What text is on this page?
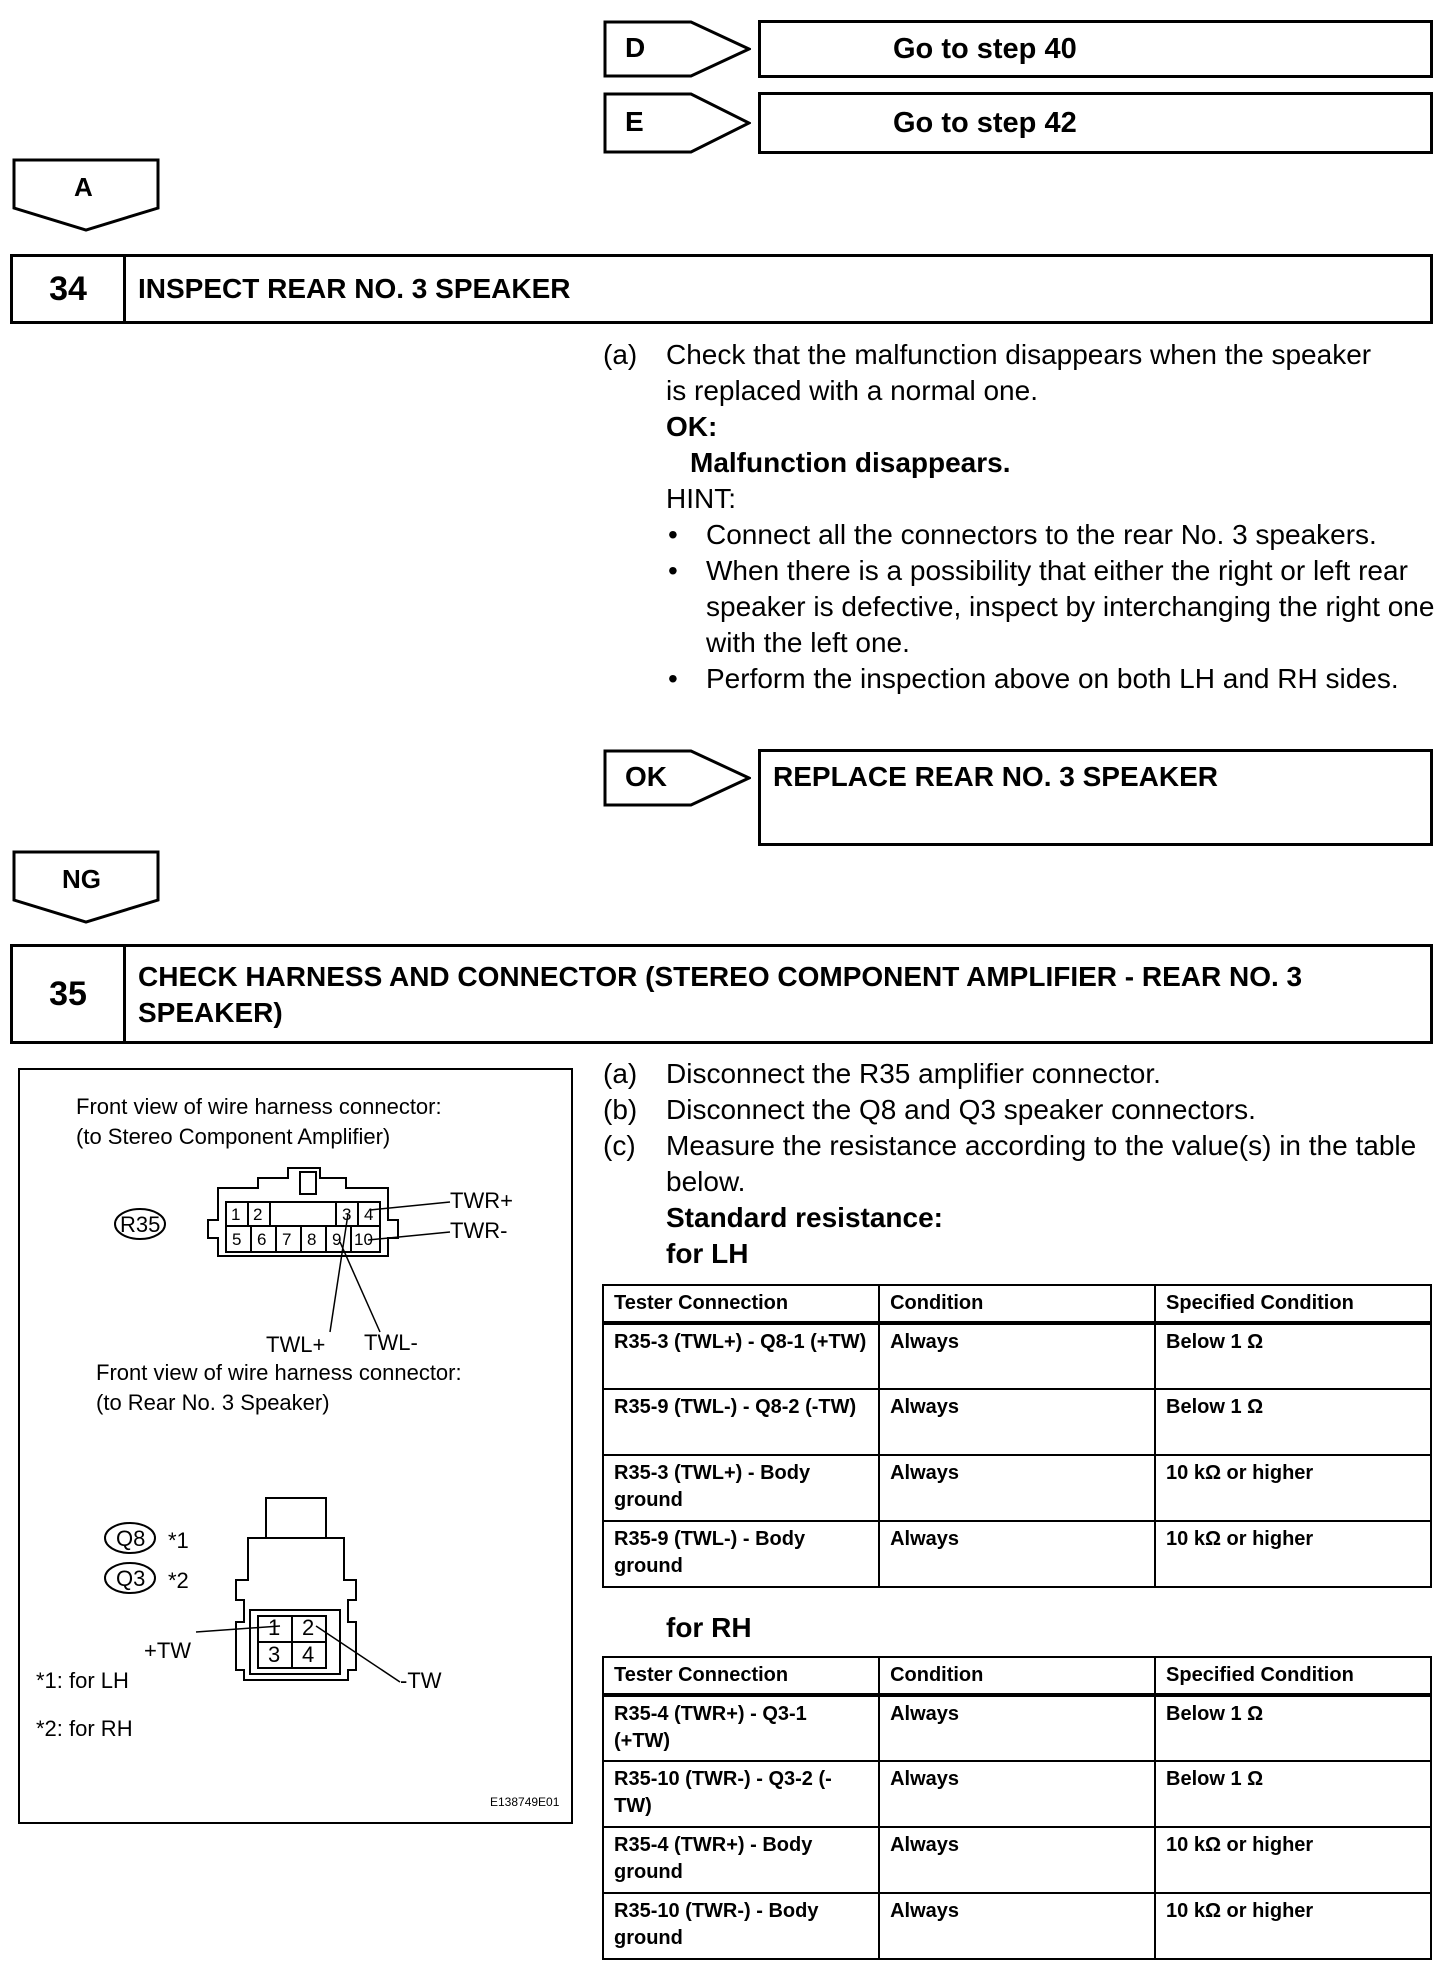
D	Go to step 40
E	Go to step 42
A
34	INSPECT REAR NO. 3 SPEAKER
(a) Check that the malfunction disappears when the speaker
is replaced with a normal one.
OK:
Malfunction disappears.
HINT:
• Connect all the connectors to the rear No. 3 speakers.
• When there is a possibility that either the right or left rear speaker is defective, inspect by interchanging the right one with the left one.
• Perform the inspection above on both LH and RH sides.
OK	REPLACE REAR NO. 3 SPEAKER
NG
35	CHECK HARNESS AND CONNECTOR (STEREO COMPONENT AMPLIFIER - REAR NO. 3 SPEAKER)
(a) Disconnect the R35 amplifier connector.
(b) Disconnect the Q8 and Q3 speaker connectors.
(c) Measure the resistance according to the value(s) in the table below.
Standard resistance:
for LH
Tester Connection	Condition	Specified Condition
R35-3 (TWL+) - Q8-1 (+TW)	Always	Below 1 Ω
R35-9 (TWL-) - Q8-2 (-TW)	Always	Below 1 Ω
R35-3 (TWL+) - Body ground	Always	10 kΩ or higher
R35-9 (TWL-) - Body ground	Always	10 kΩ or higher
for RH
Tester Connection	Condition	Specified Condition
R35-4 (TWR+) - Q3-1 (+TW)	Always	Below 1 Ω
R35-10 (TWR-) - Q3-2 (-TW)	Always	Below 1 Ω
R35-4 (TWR+) - Body ground	Always	10 kΩ or higher
R35-10 (TWR-) - Body ground	Always	10 kΩ or higher
Front view of wire harness connector:
(to Stereo Component Amplifier)
R35	1 2	3 4
5 6 7 8 9 10
TWR+
TWR-
TWL+ TWL-
Front view of wire harness connector:
(to Rear No. 3 Speaker)
Q8 *1
Q3 *2
1 2
3 4
+TW
-TW
*1: for LH
*2: for RH
E138749E01
